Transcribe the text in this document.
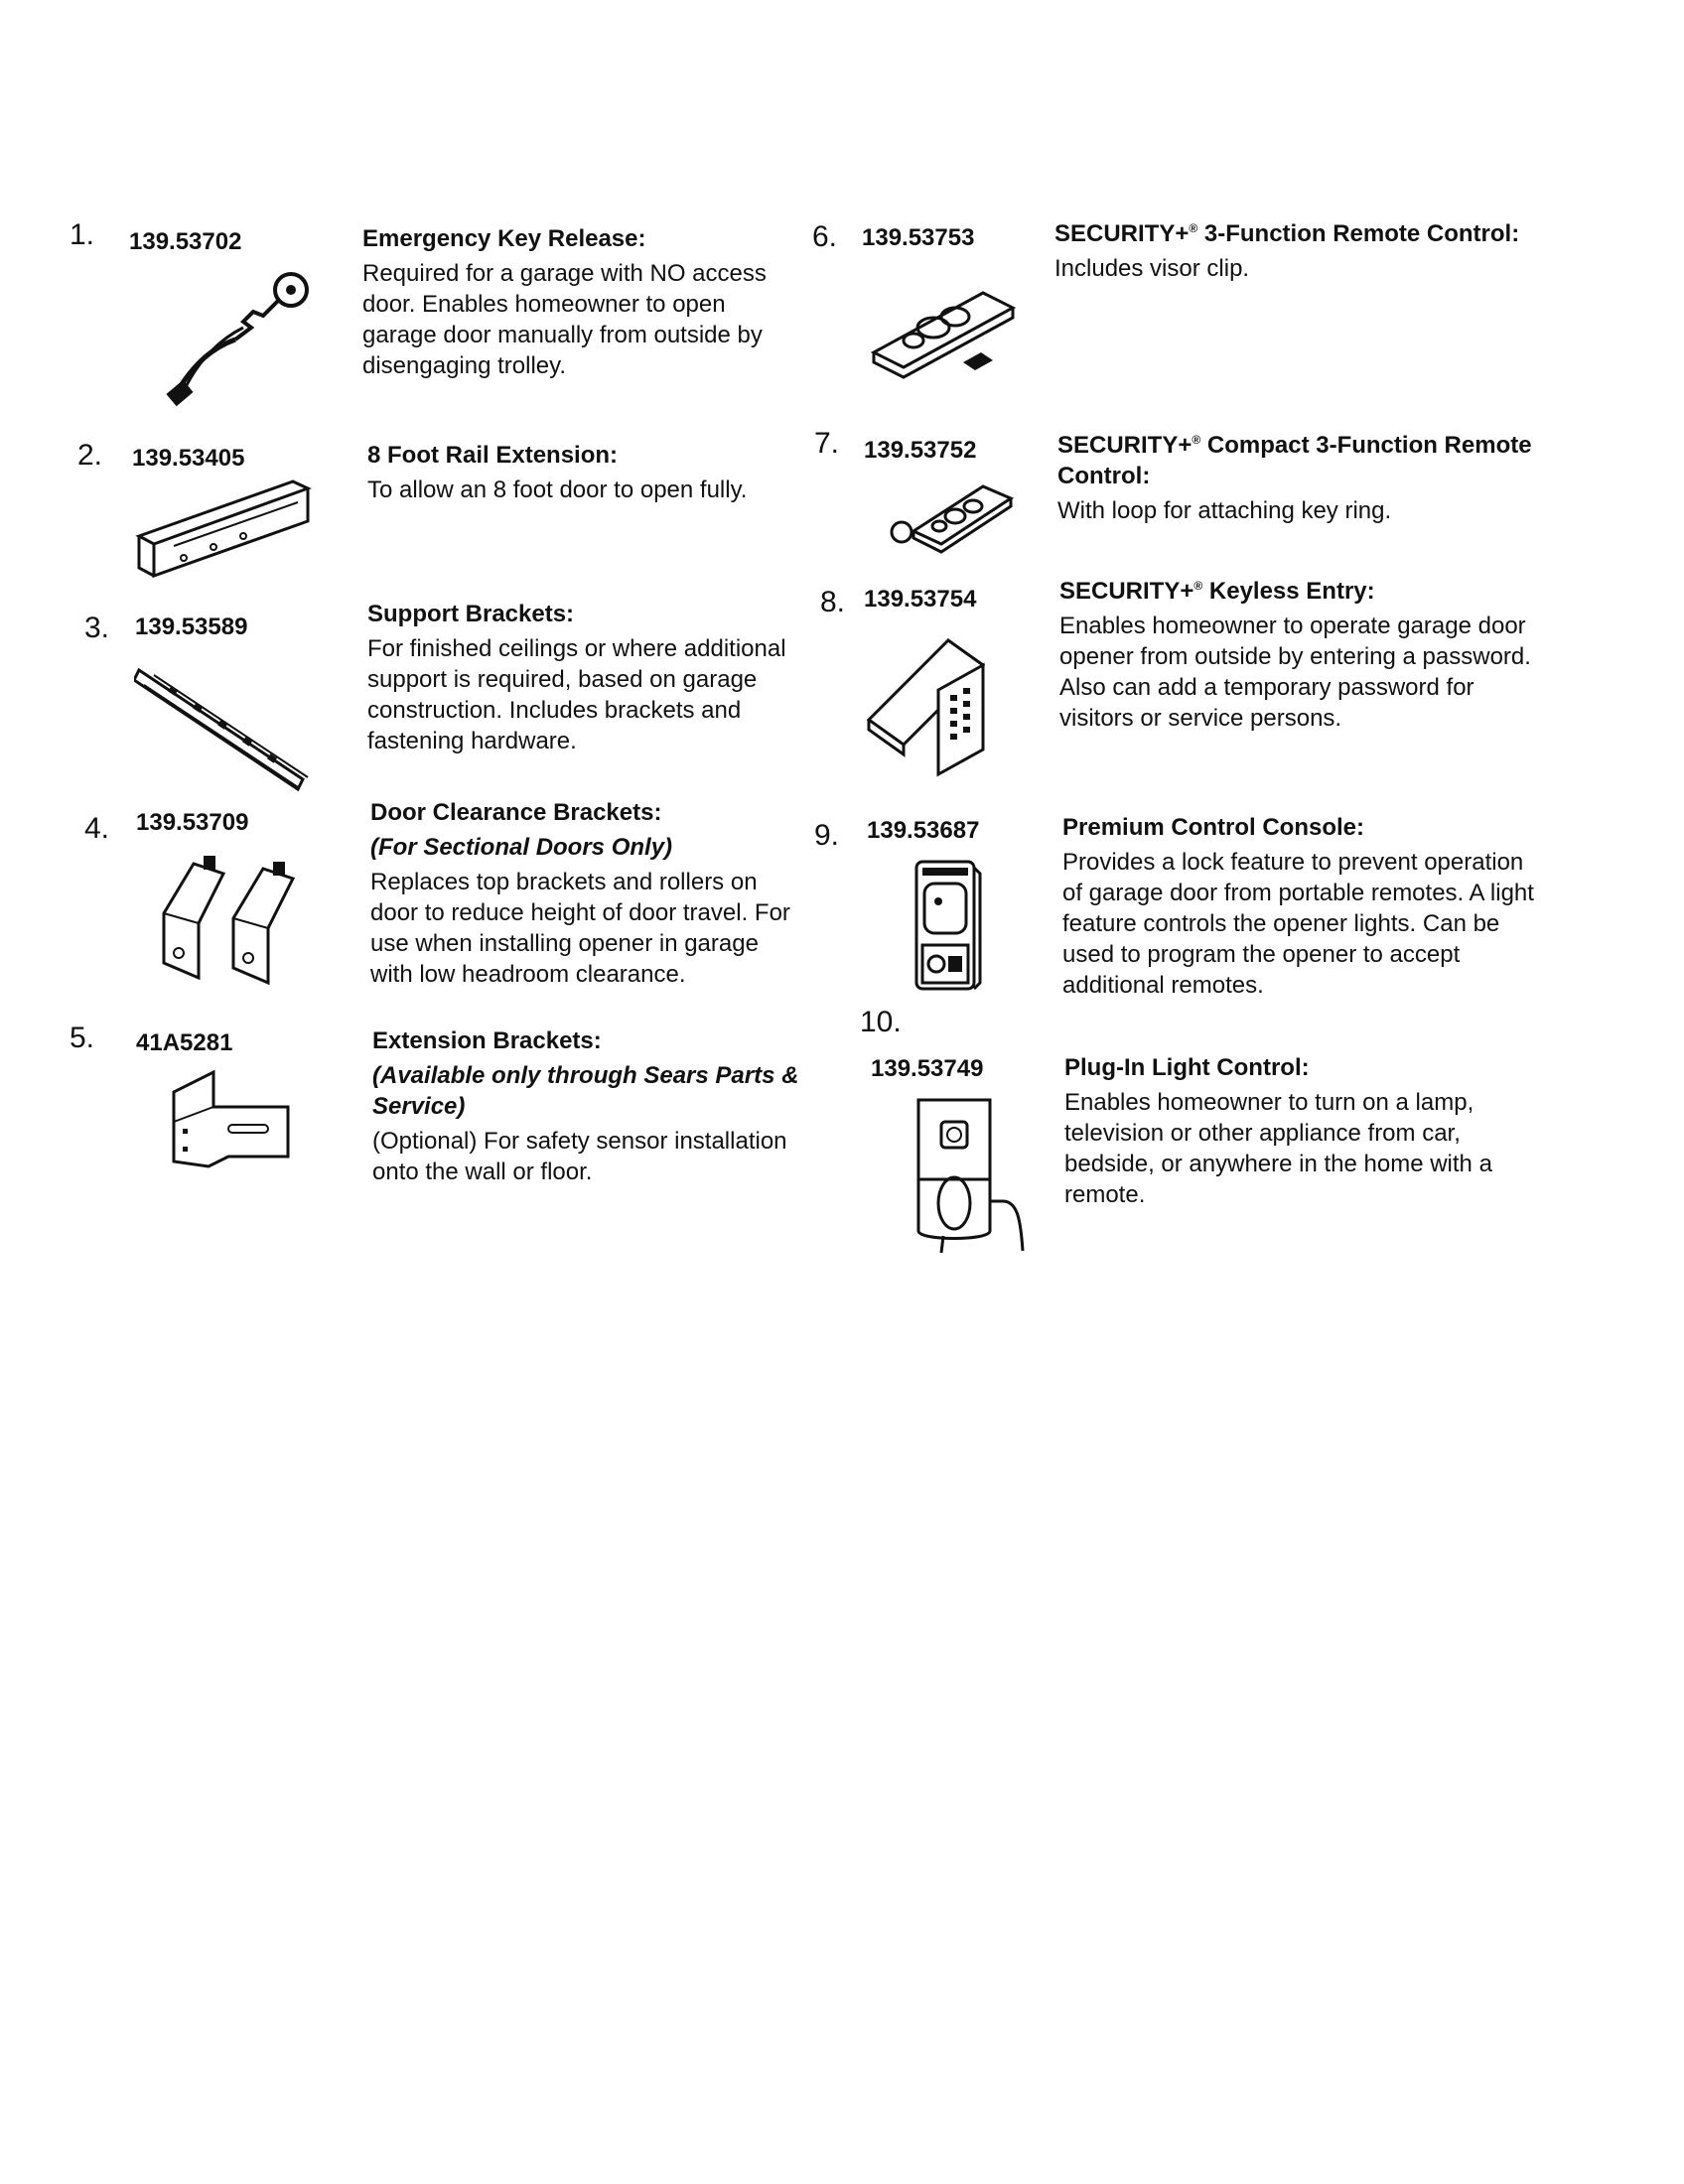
1. 139.53702	Emergency Key Release:
Required for a garage with NO access door. Enables homeowner to open garage door manually from outside by disengaging trolley.
2. 139.53405	8 Foot Rail Extension:
To allow an 8 foot door to open fully.
3. 139.53589	Support Brackets:
For finished ceilings or where additional support is required, based on garage construction. Includes brackets and fastening hardware.
4. 139.53709	Door Clearance Brackets:
(For Sectional Doors Only)
Replaces top brackets and rollers on door to reduce height of door travel. For use when installing opener in garage with low headroom clearance.
5. 41A5281	Extension Brackets:
(Available only through Sears Parts & Service)
(Optional) For safety sensor installation onto the wall or floor.
6. 139.53753	SECURITY+® 3-Function Remote Control:
Includes visor clip.
7. 139.53752	SECURITY+® Compact 3-Function Remote Control:
With loop for attaching key ring.
8. 139.53754	SECURITY+® Keyless Entry:
Enables homeowner to operate garage door opener from outside by entering a password. Also can add a temporary password for visitors or service persons.
9. 139.53687	Premium Control Console:
Provides a lock feature to prevent operation of garage door from portable remotes. A light feature controls the opener lights. Can be used to program the opener to accept additional remotes.
10.
139.53749	Plug-In Light Control:
Enables homeowner to turn on a lamp, television or other appliance from car, bedside, or anywhere in the home with a remote.
